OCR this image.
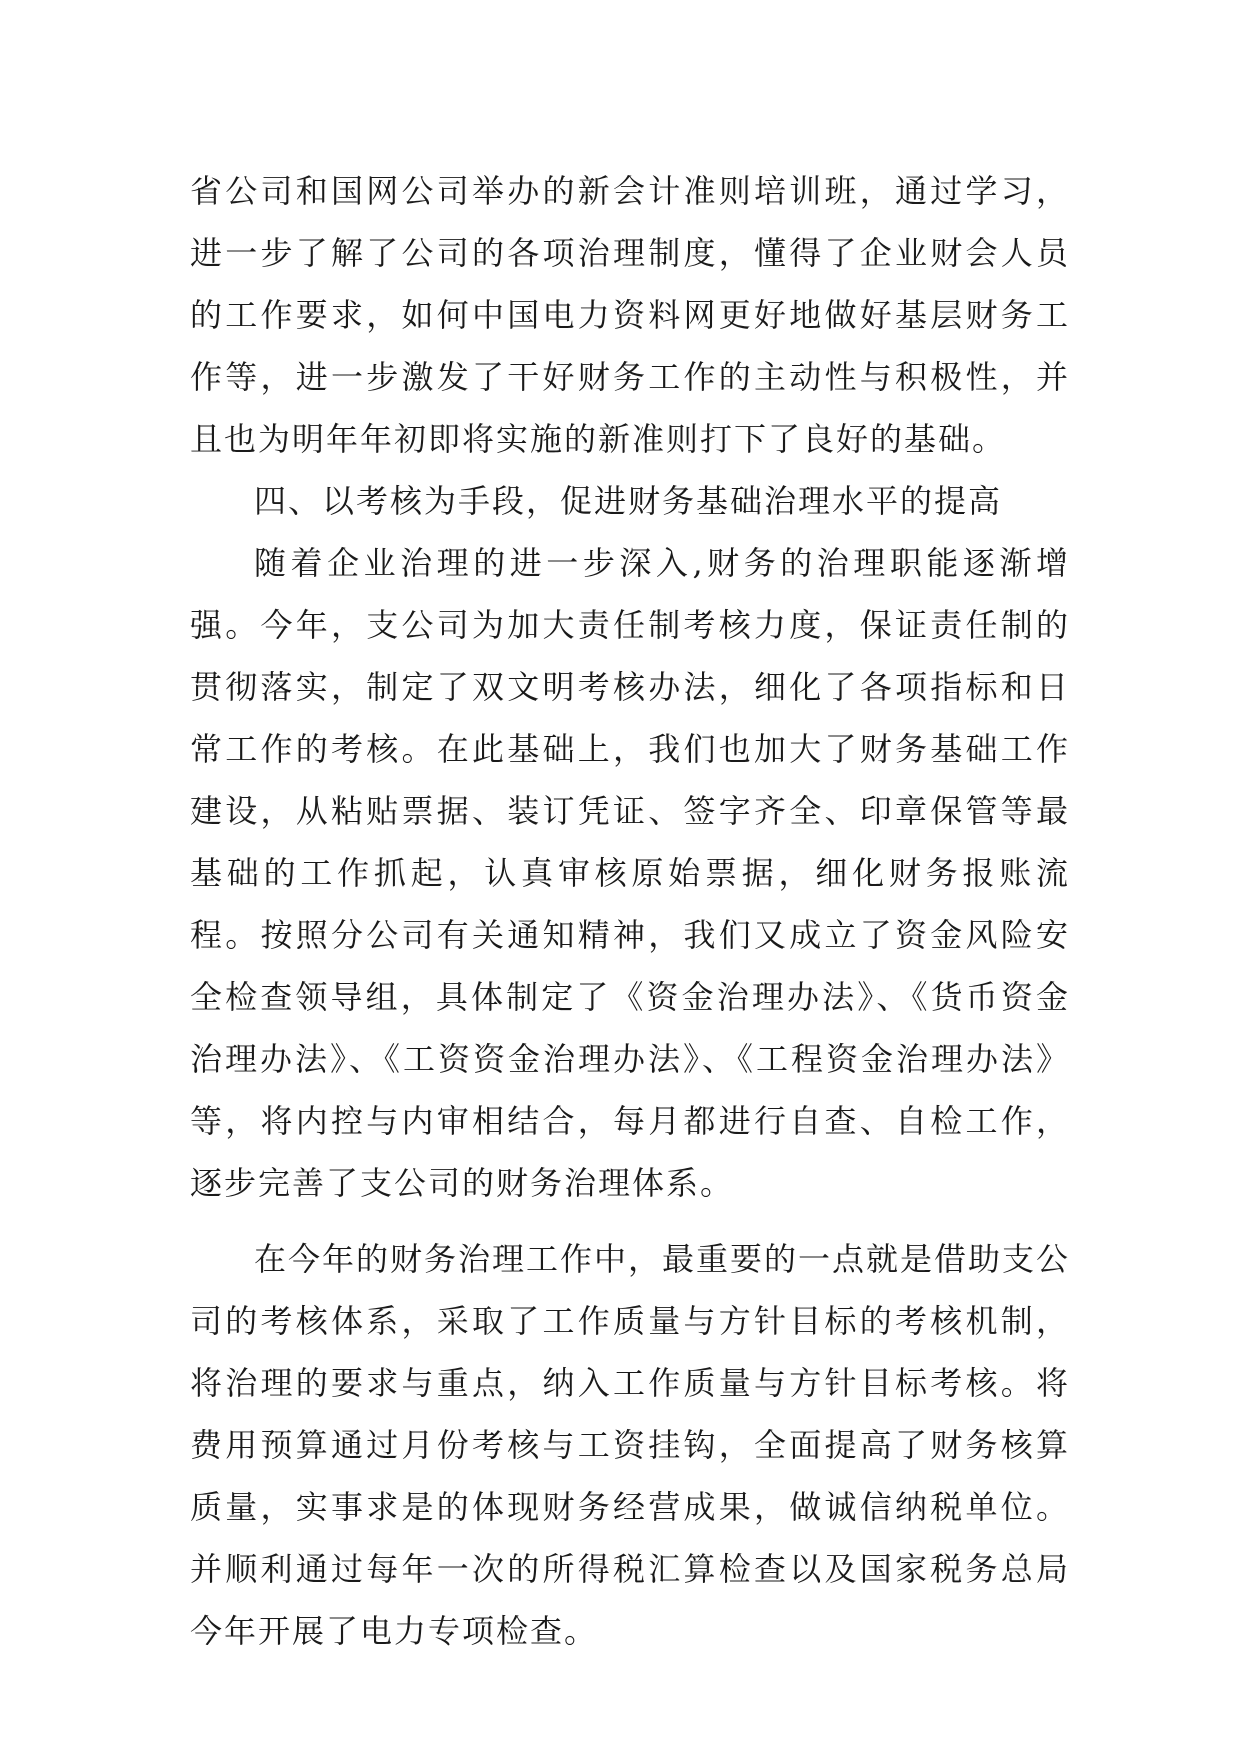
省公司和国网公司举办的新会计准则培训班，通过学习，进一步了解了公司的各项治理制度，懂得了企业财会人员的工作要求，如何中国电力资料网更好地做好基层财务工作等，进一步激发了干好财务工作的主动性与积极性，并且也为明年年初即将实施的新准则打下了良好的基础。

四、以考核为手段，促进财务基础治理水平的提高

随着企业治理的进一步深入,财务的治理职能逐渐增强。今年，支公司为加大责任制考核力度，保证责任制的贯彻落实，制定了双文明考核办法，细化了各项指标和日常工作的考核。在此基础上，我们也加大了财务基础工作建设，从粘贴票据、装订凭证、签字齐全、印章保管等最基础的工作抓起，认真审核原始票据，细化财务报账流程。按照分公司有关通知精神，我们又成立了资金风险安全检查领导组，具体制定了《资金治理办法》、《货币资金治理办法》、《工资资金治理办法》、《工程资金治理办法》等，将内控与内审相结合，每月都进行自查、自检工作，逐步完善了支公司的财务治理体系。

在今年的财务治理工作中，最重要的一点就是借助支公司的考核体系，采取了工作质量与方针目标的考核机制，将治理的要求与重点，纳入工作质量与方针目标考核。将费用预算通过月份考核与工资挂钩，全面提高了财务核算质量，实事求是的体现财务经营成果，做诚信纳税单位。并顺利通过每年一次的所得税汇算检查以及国家税务总局今年开展了电力专项检查。
